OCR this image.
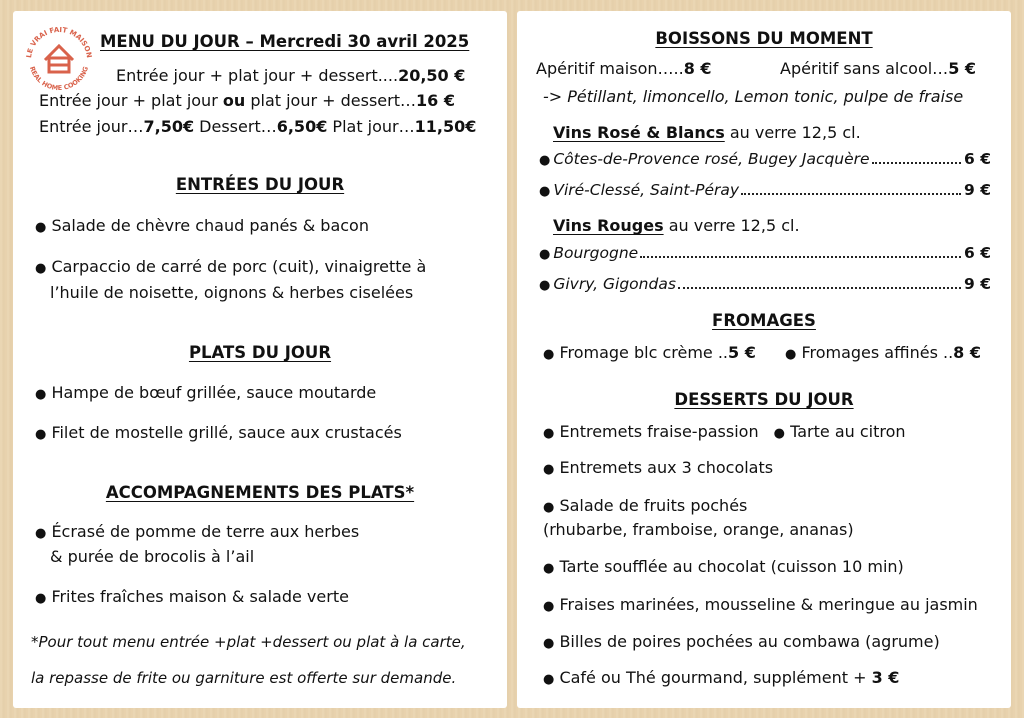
LE VRAI FAIT MAISON
REAL HOME COOKING
MENU DU JOUR – Mercredi 30 avril 2025
Entrée jour + plat jour + dessert....20,50 €
Entrée jour + plat jour ou plat jour + dessert…16 €
Entrée jour…7,50€ Dessert…6,50€ Plat jour…11,50€
ENTRÉES DU JOUR
● Salade de chèvre chaud panés & bacon
● Carpaccio de carré de porc (cuit), vinaigrette à
l’huile de noisette, oignons & herbes ciselées
PLATS DU JOUR
● Hampe de bœuf grillée, sauce moutarde
● Filet de mostelle grillé, sauce aux crustacés
ACCOMPAGNEMENTS DES PLATS*
● Écrasé de pomme de terre aux herbes
& purée de brocolis à l’ail
● Frites fraîches maison & salade verte
*Pour tout menu entrée +plat +dessert ou plat à la carte,
la repasse de frite ou garniture est offerte sur demande.
BOISSONS DU MOMENT
Apéritif maison…..8 €	Apéritif sans alcool…5 €
-> Pétillant, limoncello, Lemon tonic, pulpe de fraise
Vins Rosé & Blancs au verre 12,5 cl.
● Côtes-de-Provence rosé, Bugey Jacquère	6 €
● Viré-Clessé, Saint-Péray	9 €
Vins Rouges au verre 12,5 cl.
● Bourgogne	6 €
● Givry, Gigondas	9 €
FROMAGES
● Fromage blc crème ..5 € ● Fromages affinés ..8 €
DESSERTS DU JOUR
● Entremets fraise-passion ● Tarte au citron
● Entremets aux 3 chocolats
● Salade de fruits pochés
(rhubarbe, framboise, orange, ananas)
● Tarte soufflée au chocolat (cuisson 10 min)
● Fraises marinées, mousseline & meringue au jasmin
● Billes de poires pochées au combawa (agrume)
● Café ou Thé gourmand, supplément + 3 €
